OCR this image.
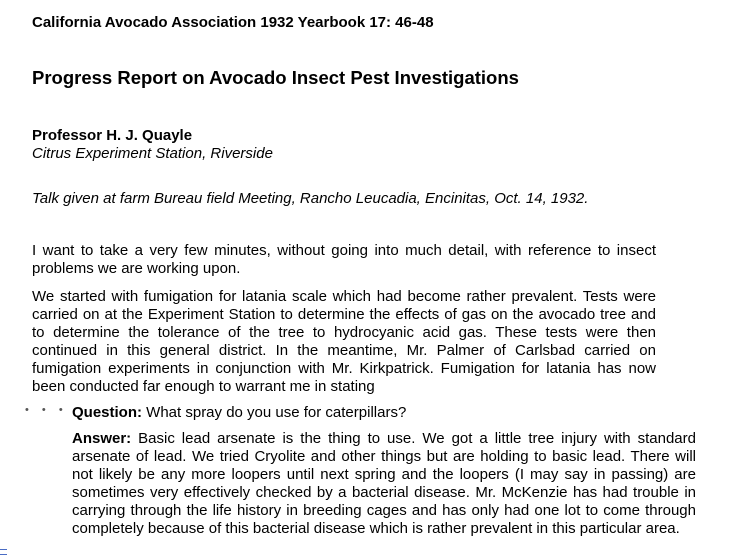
California Avocado Association 1932 Yearbook 17: 46-48
Progress Report on Avocado Insect Pest Investigations
Professor H. J. Quayle
Citrus Experiment Station, Riverside
Talk given at farm Bureau field Meeting, Rancho Leucadia, Encinitas, Oct. 14, 1932.

I want to take a very few minutes, without going into much detail, with reference to insect problems we are working upon.

We started with fumigation for latania scale which had become rather prevalent. Tests were carried on at the Experiment Station to determine the effects of gas on the avocado tree and to determine the tolerance of the tree to hydrocyanic acid gas. These tests were then continued in this general district. In the meantime, Mr. Palmer of Carlsbad carried on fumigation experiments in conjunction with Mr. Kirkpatrick. Fumigation for latania has now been conducted far enough to warrant me in stating

• • • Question: What spray do you use for caterpillars?

Answer: Basic lead arsenate is the thing to use. We got a little tree injury with standard arsenate of lead. We tried Cryolite and other things but are holding to basic lead. There will not likely be any more loopers until next spring and the loopers (I may say in passing) are sometimes very effectively checked by a bacterial disease. Mr. McKenzie has had trouble in carrying through the life history in breeding cages and has only had one lot to come through completely because of this bacterial disease which is rather prevalent in this particular area.
